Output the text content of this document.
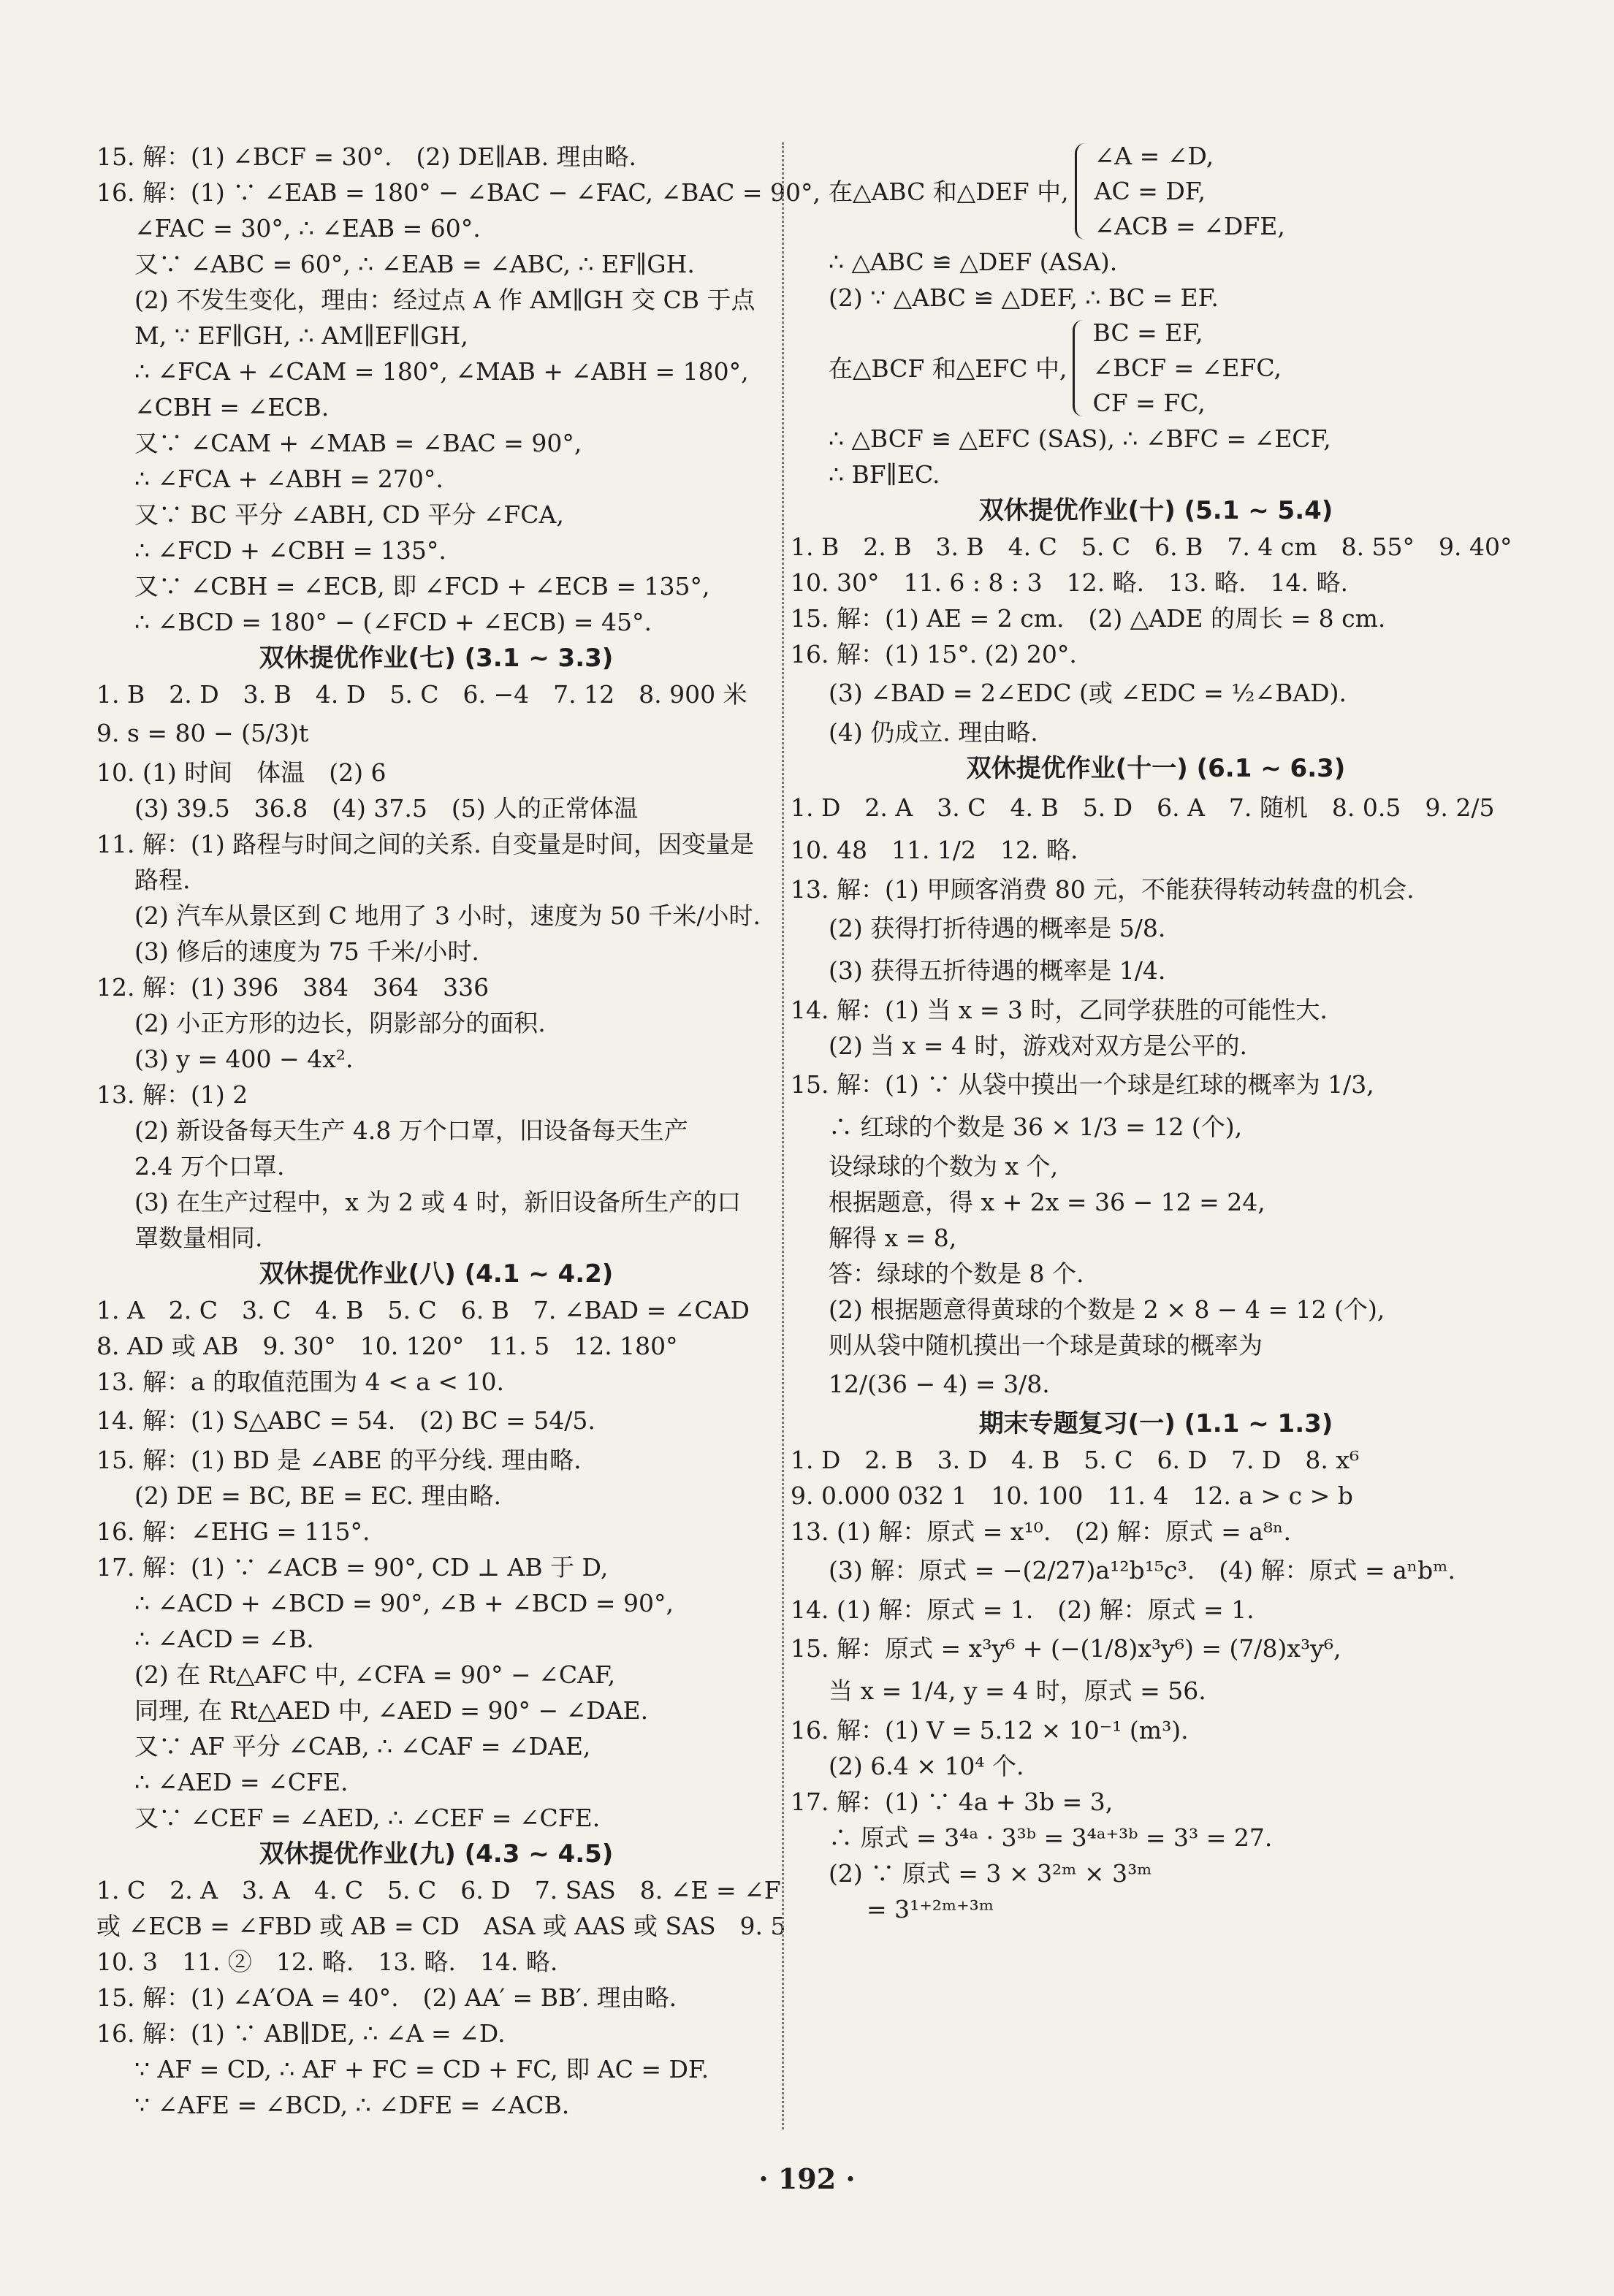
15. 解：(1) ∠BCF = 30°.　(2) DE∥AB. 理由略.
16. 解：(1) ∵ ∠EAB = 180° − ∠BAC − ∠FAC, ∠BAC = 90°,
∠FAC = 30°, ∴ ∠EAB = 60°.
又∵ ∠ABC = 60°, ∴ ∠EAB = ∠ABC, ∴ EF∥GH.
(2) 不发生变化，理由：经过点 A 作 AM∥GH 交 CB 于点
M, ∵ EF∥GH, ∴ AM∥EF∥GH,
∴ ∠FCA + ∠CAM = 180°, ∠MAB + ∠ABH = 180°,
∠CBH = ∠ECB.
又∵ ∠CAM + ∠MAB = ∠BAC = 90°,
∴ ∠FCA + ∠ABH = 270°.
又∵ BC 平分 ∠ABH, CD 平分 ∠FCA,
∴ ∠FCD + ∠CBH = 135°.
又∵ ∠CBH = ∠ECB, 即 ∠FCD + ∠ECB = 135°,
∴ ∠BCD = 180° − (∠FCD + ∠ECB) = 45°.
双休提优作业(七) (3.1 ~ 3.3)
1. B　2. D　3. B　4. D　5. C　6. −4　7. 12　8. 900 米
9. s = 80 − (5/3)t
10. (1) 时间　体温　(2) 6
(3) 39.5　36.8　(4) 37.5　(5) 人的正常体温
11. 解：(1) 路程与时间之间的关系. 自变量是时间，因变量是
路程.
(2) 汽车从景区到 C 地用了 3 小时，速度为 50 千米/小时.
(3) 修后的速度为 75 千米/小时.
12. 解：(1) 396　384　364　336
(2) 小正方形的边长，阴影部分的面积.
(3) y = 400 − 4x².
13. 解：(1) 2
(2) 新设备每天生产 4.8 万个口罩，旧设备每天生产
2.4 万个口罩.
(3) 在生产过程中，x 为 2 或 4 时，新旧设备所生产的口
罩数量相同.
双休提优作业(八) (4.1 ~ 4.2)
1. A　2. C　3. C　4. B　5. C　6. B　7. ∠BAD = ∠CAD
8. AD 或 AB　9. 30°　10. 120°　11. 5　12. 180°
13. 解：a 的取值范围为 4 < a < 10.
14. 解：(1) S△ABC = 54.　(2) BC = 54/5.
15. 解：(1) BD 是 ∠ABE 的平分线. 理由略.
(2) DE = BC, BE = EC. 理由略.
16. 解：∠EHG = 115°.
17. 解：(1) ∵ ∠ACB = 90°, CD ⊥ AB 于 D,
∴ ∠ACD + ∠BCD = 90°, ∠B + ∠BCD = 90°,
∴ ∠ACD = ∠B.
(2) 在 Rt△AFC 中, ∠CFA = 90° − ∠CAF,
同理, 在 Rt△AED 中, ∠AED = 90° − ∠DAE.
又∵ AF 平分 ∠CAB, ∴ ∠CAF = ∠DAE,
∴ ∠AED = ∠CFE.
又∵ ∠CEF = ∠AED, ∴ ∠CEF = ∠CFE.
双休提优作业(九) (4.3 ~ 4.5)
1. C　2. A　3. A　4. C　5. C　6. D　7. SAS　8. ∠E = ∠F
或 ∠ECB = ∠FBD 或 AB = CD　ASA 或 AAS 或 SAS　9. 5
10. 3　11. ②　12. 略.　13. 略.　14. 略.
15. 解：(1) ∠A′OA = 40°.　(2) AA′ = BB′. 理由略.
16. 解：(1) ∵ AB∥DE, ∴ ∠A = ∠D.
∵ AF = CD, ∴ AF + FC = CD + FC, 即 AC = DF.
∵ ∠AFE = ∠BCD, ∴ ∠DFE = ∠ACB.
在△ABC 和△DEF 中,
∠A = ∠D,
AC = DF,
∠ACB = ∠DFE,
∴ △ABC ≌ △DEF (ASA).
(2) ∵ △ABC ≌ △DEF, ∴ BC = EF.
在△BCF 和△EFC 中,
BC = EF,
∠BCF = ∠EFC,
CF = FC,
∴ △BCF ≌ △EFC (SAS), ∴ ∠BFC = ∠ECF,
∴ BF∥EC.
双休提优作业(十) (5.1 ~ 5.4)
1. B　2. B　3. B　4. C　5. C　6. B　7. 4 cm　8. 55°　9. 40°
10. 30°　11. 6 : 8 : 3　12. 略.　13. 略.　14. 略.
15. 解：(1) AE = 2 cm.　(2) △ADE 的周长 = 8 cm.
16. 解：(1) 15°. (2) 20°.
(3) ∠BAD = 2∠EDC (或 ∠EDC = ½∠BAD).
(4) 仍成立. 理由略.
双休提优作业(十一) (6.1 ~ 6.3)
1. D　2. A　3. C　4. B　5. D　6. A　7. 随机　8. 0.5　9. 2/5
10. 48　11. 1/2　12. 略.
13. 解：(1) 甲顾客消费 80 元，不能获得转动转盘的机会.
(2) 获得打折待遇的概率是 5/8.
(3) 获得五折待遇的概率是 1/4.
14. 解：(1) 当 x = 3 时，乙同学获胜的可能性大.
(2) 当 x = 4 时，游戏对双方是公平的.
15. 解：(1) ∵ 从袋中摸出一个球是红球的概率为 1/3,
∴ 红球的个数是 36 × 1/3 = 12 (个),
设绿球的个数为 x 个,
根据题意，得 x + 2x = 36 − 12 = 24,
解得 x = 8,
答：绿球的个数是 8 个.
(2) 根据题意得黄球的个数是 2 × 8 − 4 = 12 (个),
则从袋中随机摸出一个球是黄球的概率为
12/(36 − 4) = 3/8.
期末专题复习(一) (1.1 ~ 1.3)
1. D　2. B　3. D　4. B　5. C　6. D　7. D　8. x⁶
9. 0.000 032 1　10. 100　11. 4　12. a > c > b
13. (1) 解：原式 = x¹⁰.　(2) 解：原式 = a⁸ⁿ.
(3) 解：原式 = −(2/27)a¹²b¹⁵c³.　(4) 解：原式 = aⁿbᵐ.
14. (1) 解：原式 = 1.　(2) 解：原式 = 1.
15. 解：原式 = x³y⁶ + (−(1/8)x³y⁶) = (7/8)x³y⁶,
当 x = 1/4, y = 4 时，原式 = 56.
16. 解：(1) V = 5.12 × 10⁻¹ (m³).
(2) 6.4 × 10⁴ 个.
17. 解：(1) ∵ 4a + 3b = 3,
∴ 原式 = 3⁴ᵃ · 3³ᵇ = 3⁴ᵃ⁺³ᵇ = 3³ = 27.
(2) ∵ 原式 = 3 × 3²ᵐ × 3³ᵐ
= 3¹⁺²ᵐ⁺³ᵐ
· 192 ·
